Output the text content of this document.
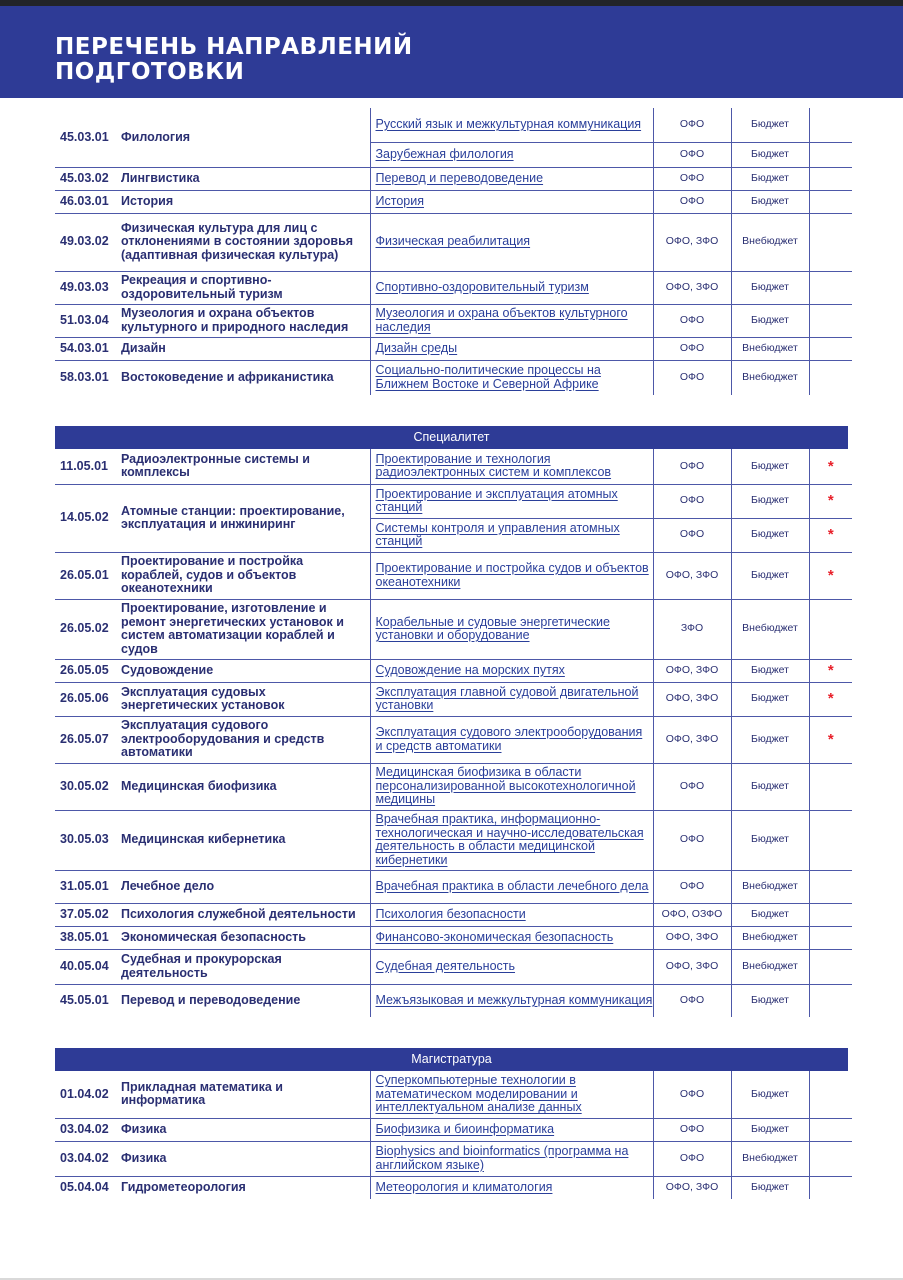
ПЕРЕЧЕНЬ НАПРАВЛЕНИЙ
ПОДГОТОВКИ
45.03.01	Филология	Русский язык и межкультурная коммуникация	ОФО	Бюджет	
		Зарубежная филология	ОФО	Бюджет	
45.03.02	Лингвистика	Перевод и переводоведение	ОФО	Бюджет	
46.03.01	История	История	ОФО	Бюджет	
49.03.02	Физическая культура для лиц с отклонениями в состоянии здоровья (адаптивная физическая культура)	Физическая реабилитация	ОФО, ЗФО	Внебюджет	
49.03.03	Рекреация и спортивно-оздоровительный туризм	Спортивно-оздоровительный туризм	ОФО, ЗФО	Бюджет	
51.03.04	Музеология и охрана объектов культурного и природного наследия	Музеология и охрана объектов культурного наследия	ОФО	Бюджет	
54.03.01	Дизайн	Дизайн среды	ОФО	Внебюджет	
58.03.01	Востоковедение и африканистика	Социально-политические процессы на Ближнем Востоке и Северной Африке	ОФО	Внебюджет	
Специалитет
11.05.01	Радиоэлектронные системы и комплексы	Проектирование и технология радиоэлектронных систем и комплексов	ОФО	Бюджет	*
14.05.02	Атомные станции: проектирование, эксплуатация и инжиниринг	Проектирование и эксплуатация атомных станций	ОФО	Бюджет	*
		Системы контроля и управления атомных станций	ОФО	Бюджет	*
26.05.01	Проектирование и постройка кораблей, судов и объектов океанотехники	Проектирование и постройка судов и объектов океанотехники	ОФО, ЗФО	Бюджет	*
26.05.02	Проектирование, изготовление и ремонт энергетических установок и систем автоматизации кораблей и судов	Корабельные и судовые энергетические установки и оборудование	ЗФО	Внебюджет	
26.05.05	Судовождение	Судовождение на морских путях	ОФО, ЗФО	Бюджет	*
26.05.06	Эксплуатация судовых энергетических установок	Эксплуатация главной судовой двигательной установки	ОФО, ЗФО	Бюджет	*
26.05.07	Эксплуатация судового электрооборудования и средств автоматики	Эксплуатация судового электрооборудования и средств автоматики	ОФО, ЗФО	Бюджет	*
30.05.02	Медицинская биофизика	Медицинская биофизика в области персонализированной высокотехнологичной медицины	ОФО	Бюджет	
30.05.03	Медицинская кибернетика	Врачебная практика, информационно-технологическая и научно-исследовательская деятельность в области медицинской кибернетики	ОФО	Бюджет	
31.05.01	Лечебное дело	Врачебная практика в области лечебного дела	ОФО	Внебюджет	
37.05.02	Психология служебной деятельности	Психология безопасности	ОФО, ОЗФО	Бюджет	
38.05.01	Экономическая безопасность	Финансово-экономическая безопасность	ОФО, ЗФО	Внебюджет	
40.05.04	Судебная и прокурорская деятельность	Судебная деятельность	ОФО, ЗФО	Внебюджет	
45.05.01	Перевод и переводоведение	Межъязыковая и межкультурная коммуникация	ОФО	Бюджет	
Магистратура
01.04.02	Прикладная математика и информатика	Суперкомпьютерные технологии в математическом моделировании и интеллектуальном анализе данных	ОФО	Бюджет	
03.04.02	Физика	Биофизика и биоинформатика	ОФО	Бюджет	
03.04.02	Физика	Biophysics and bioinformatics (программа на английском языке)	ОФО	Внебюджет	
05.04.04	Гидрометеорология	Метеорология и климатология	ОФО, ЗФО	Бюджет	
